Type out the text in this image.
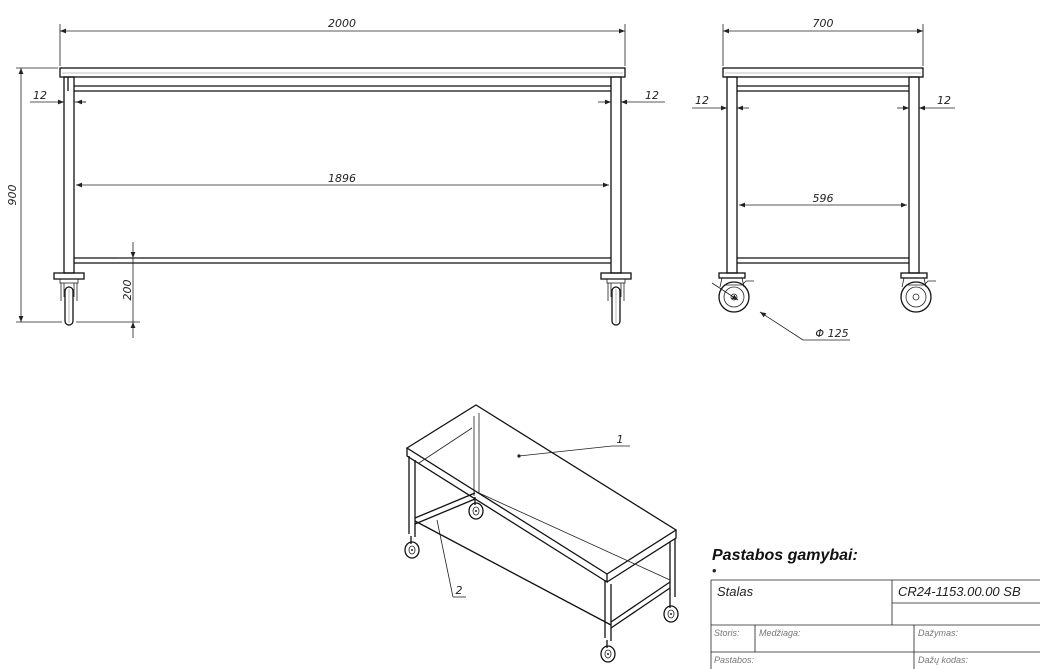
2000
900
1896
12	12
200
700
596
12	12
Φ 125
1
2
Pastabos gamybai:
•
Stalas	CR24-1153.00.00 SB
Storis: Medžiaga:	Dažymas:
Pastabos:	Dažų kodas:
